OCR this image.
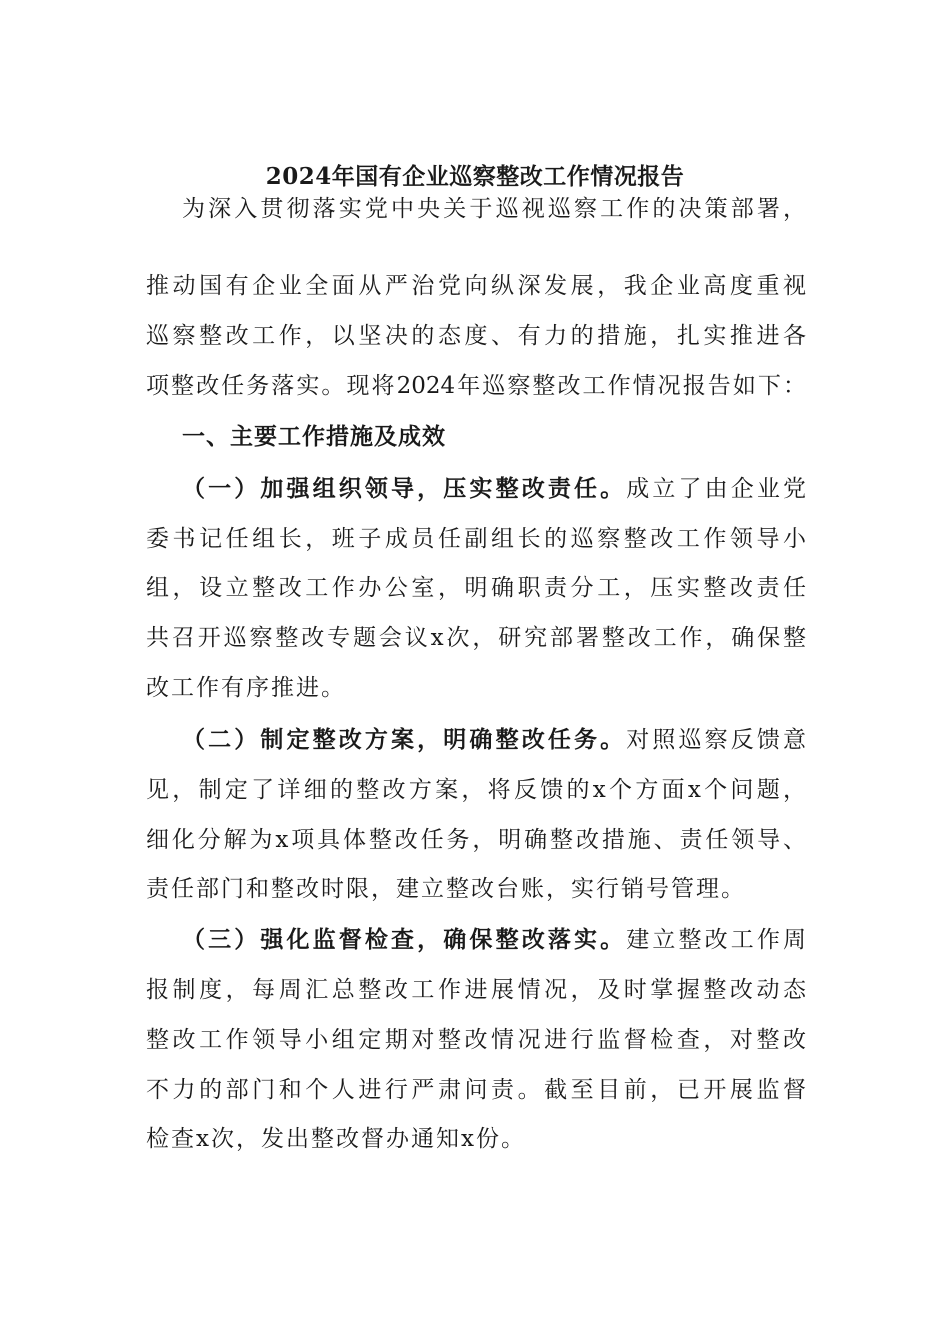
2024年国有企业巡察整改工作情况报告
为深入贯彻落实党中央关于巡视巡察工作的决策部署，
推动国有企业全面从严治党向纵深发展，我企业高度重视
巡察整改工作，以坚决的态度、有力的措施，扎实推进各
项整改任务落实。现将2024年巡察整改工作情况报告如下：
一、主要工作措施及成效
（一）加强组织领导，压实整改责任。成立了由企业党
委书记任组长，班子成员任副组长的巡察整改工作领导小
组，设立整改工作办公室，明确职责分工，压实整改责任
共召开巡察整改专题会议x次，研究部署整改工作，确保整
改工作有序推进。
（二）制定整改方案，明确整改任务。对照巡察反馈意
见，制定了详细的整改方案，将反馈的x个方面x个问题，
细化分解为x项具体整改任务，明确整改措施、责任领导、
责任部门和整改时限，建立整改台账，实行销号管理。
（三）强化监督检查，确保整改落实。建立整改工作周
报制度，每周汇总整改工作进展情况，及时掌握整改动态
整改工作领导小组定期对整改情况进行监督检查，对整改
不力的部门和个人进行严肃问责。截至目前，已开展监督
检查x次，发出整改督办通知x份。
